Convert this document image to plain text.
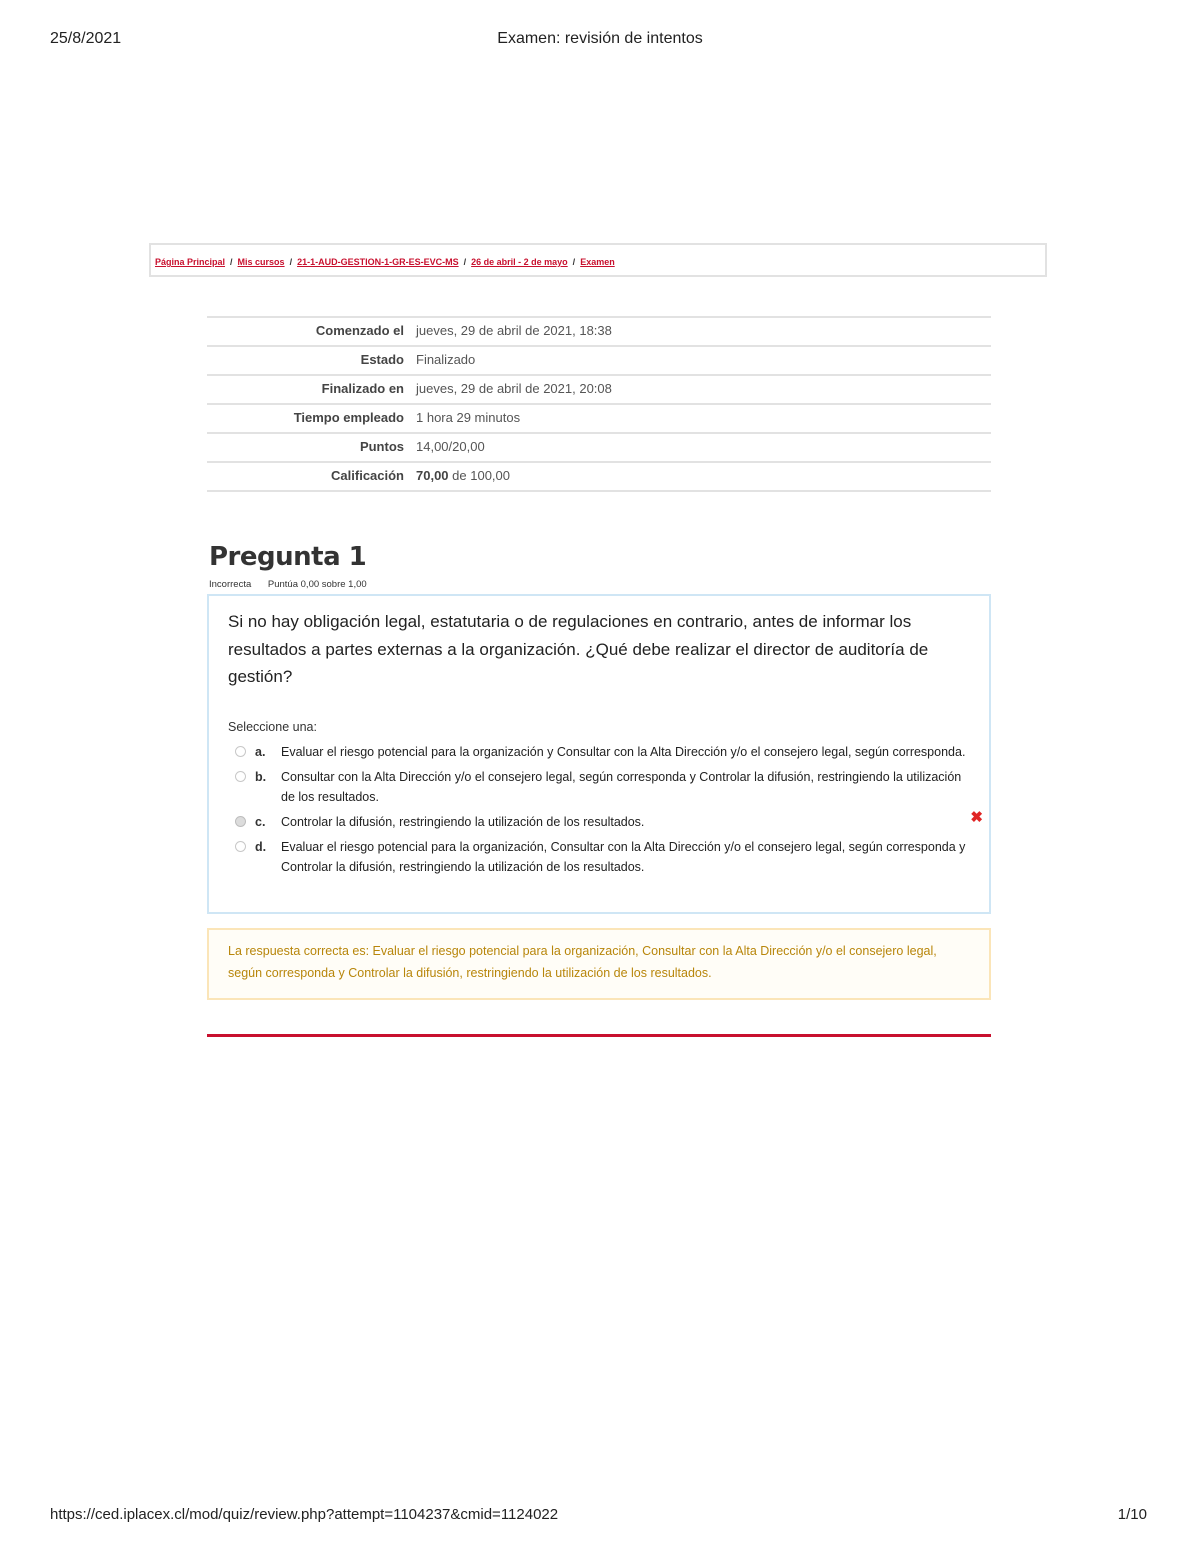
25/8/2021	Examen: revisión de intentos
Página Principal / Mis cursos / 21-1-AUD-GESTION-1-GR-ES-EVC-MS / 26 de abril - 2 de mayo / Examen
Comenzado el	jueves, 29 de abril de 2021, 18:38
Estado	Finalizado
Finalizado en	jueves, 29 de abril de 2021, 20:08
Tiempo empleado	1 hora 29 minutos
Puntos	14,00/20,00
Calificación	70,00 de 100,00
Pregunta 1
Incorrecta Puntúa 0,00 sobre 1,00
Si no hay obligación legal, estatutaria o de regulaciones en contrario, antes de informar los resultados a partes externas a la organización. ¿Qué debe realizar el director de auditoría de gestión?
Seleccione una:
a. Evaluar el riesgo potencial para la organización y Consultar con la Alta Dirección y/o el consejero legal, según corresponda.
b. Consultar con la Alta Dirección y/o el consejero legal, según corresponda y Controlar la difusión, restringiendo la utilización de los resultados.
c. Controlar la difusión, restringiendo la utilización de los resultados.	✖
d. Evaluar el riesgo potencial para la organización, Consultar con la Alta Dirección y/o el consejero legal, según corresponda y Controlar la difusión, restringiendo la utilización de los resultados.

La respuesta correcta es: Evaluar el riesgo potencial para la organización, Consultar con la Alta Dirección y/o el consejero legal, según corresponda y Controlar la difusión, restringiendo la utilización de los resultados.

https://ced.iplacex.cl/mod/quiz/review.php?attempt=1104237&cmid=1124022	1/10
